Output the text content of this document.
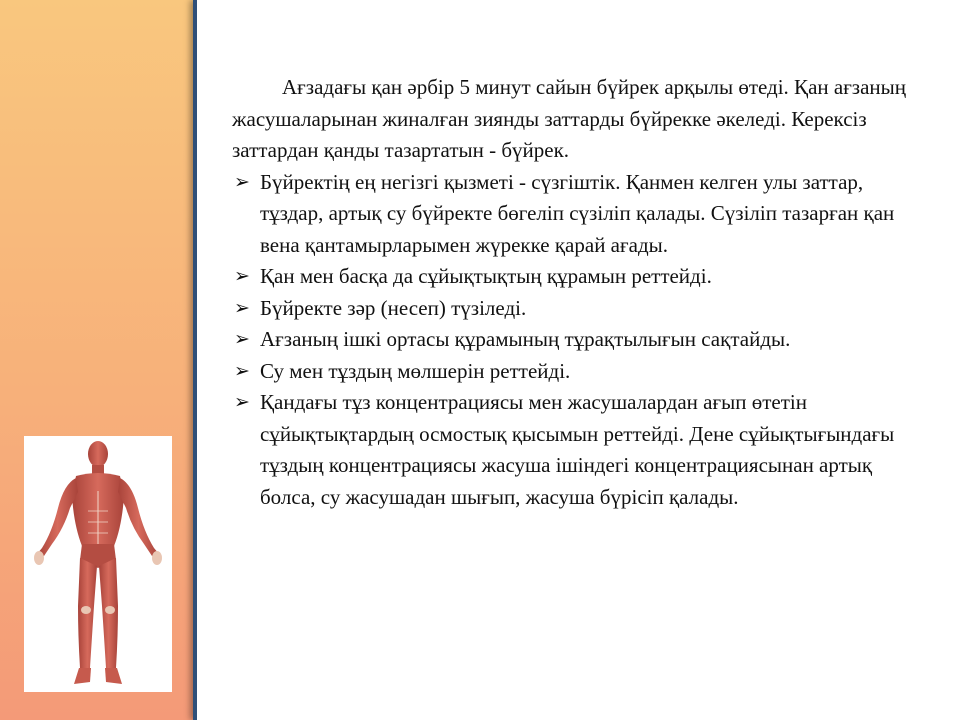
Ағзадағы қан әрбір 5 минут сайын бүйрек арқылы өтеді. Қан ағзаның жасушаларынан жиналған зиянды заттарды бүйрекке әкеледі. Керексіз заттардан қанды тазартатын - бүйрек.

➢ Бүйректің ең негізгі қызметі - сүзгіштік. Қанмен келген улы заттар, тұздар, артық су бүйректе бөгеліп сүзіліп қалады. Сүзіліп тазарған қан вена қантамырларымен жүрекке қарай ағады.
➢ Қан мен басқа да сұйықтықтың құрамын реттейді.
➢ Бүйректе зәр (несеп) түзіледі.
➢ Ағзаның ішкі ортасы құрамының тұрақтылығын сақтайды.
➢ Су мен тұздың мөлшерін реттейді.
➢ Қандағы тұз концентрациясы мен жасушалардан ағып өтетін сұйықтықтардың осмостық қысымын реттейді. Дене сұйықтығындағы тұздың концентрациясы жасуша ішіндегі концентрациясынан артық болса, су жасушадан шығып, жасуша бүрісіп қалады.
